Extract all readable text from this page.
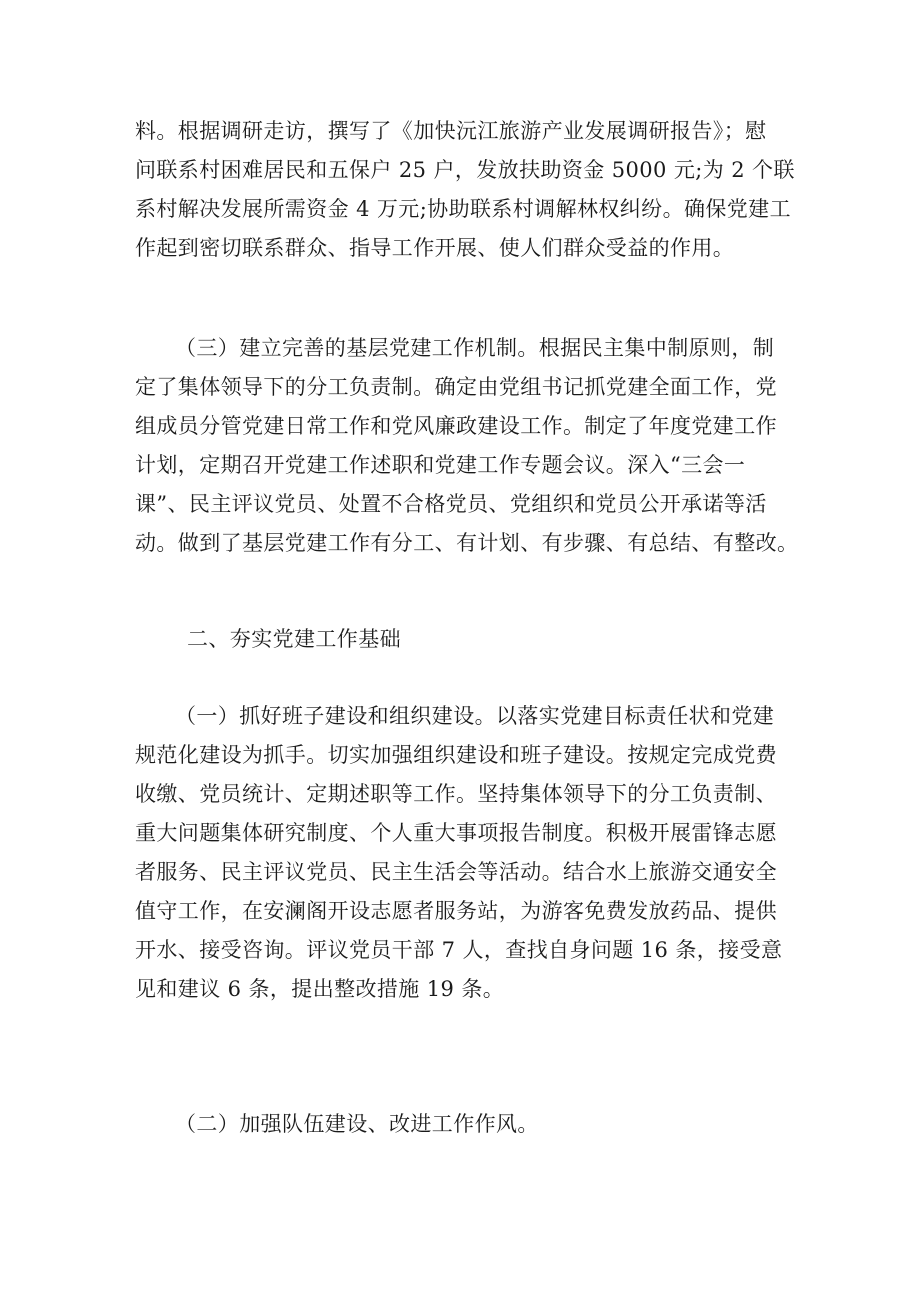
料。根据调研走访，撰写了《加快沅江旅游产业发展调研报告》；慰
问联系村困难居民和五保户 25 户，发放扶助资金 5000 元;为 2 个联
系村解决发展所需资金 4 万元;协助联系村调解林权纠纷。确保党建工
作起到密切联系群众、指导工作开展、使人们群众受益的作用。

（三）建立完善的基层党建工作机制。根据民主集中制原则，制
定了集体领导下的分工负责制。确定由党组书记抓党建全面工作，党
组成员分管党建日常工作和党风廉政建设工作。制定了年度党建工作
计划，定期召开党建工作述职和党建工作专题会议。深入“三会一
课”、民主评议党员、处置不合格党员、党组织和党员公开承诺等活
动。做到了基层党建工作有分工、有计划、有步骤、有总结、有整改。

二、夯实党建工作基础

（一）抓好班子建设和组织建设。以落实党建目标责任状和党建
规范化建设为抓手。切实加强组织建设和班子建设。按规定完成党费
收缴、党员统计、定期述职等工作。坚持集体领导下的分工负责制、
重大问题集体研究制度、个人重大事项报告制度。积极开展雷锋志愿
者服务、民主评议党员、民主生活会等活动。结合水上旅游交通安全
值守工作，在安澜阁开设志愿者服务站，为游客免费发放药品、提供
开水、接受咨询。评议党员干部 7 人，查找自身问题 16 条，接受意
见和建议 6 条，提出整改措施 19 条。

（二）加强队伍建设、改进工作作风。
